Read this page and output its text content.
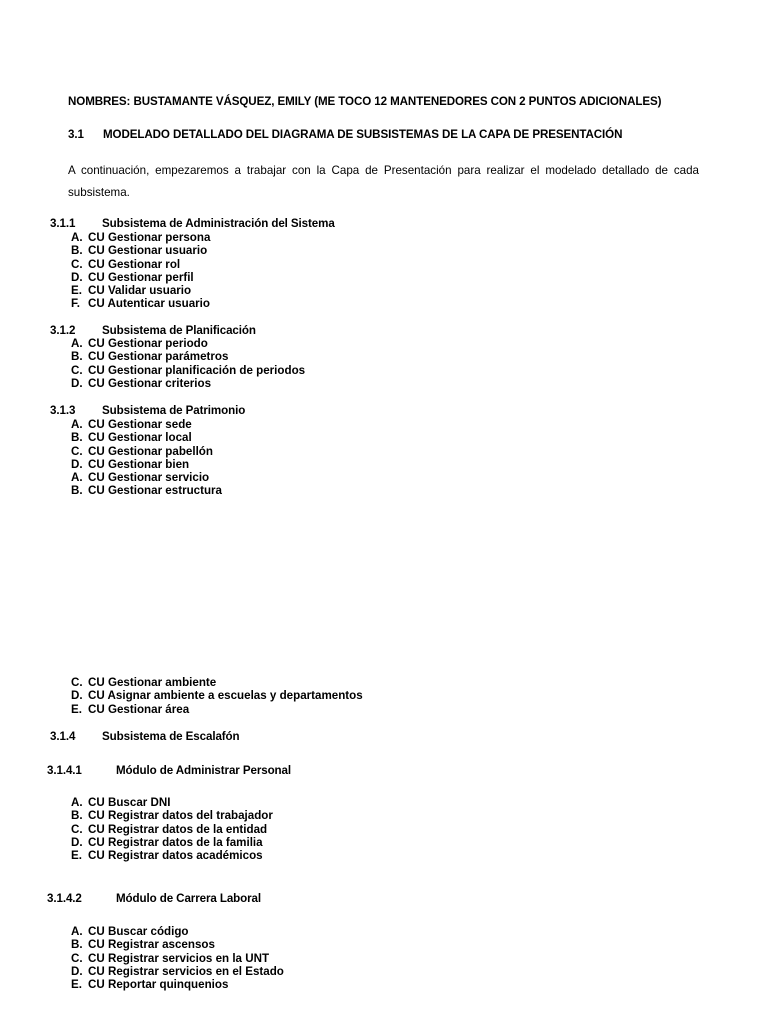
NOMBRES: BUSTAMANTE VÁSQUEZ, EMILY (ME TOCO 12 MANTENEDORES CON 2 PUNTOS ADICIONALES)
3.1 MODELADO DETALLADO DEL DIAGRAMA DE SUBSISTEMAS DE LA CAPA DE PRESENTACIÓN
A continuación, empezaremos a trabajar con la Capa de Presentación para realizar el modelado detallado de cada subsistema.
3.1.1 Subsistema de Administración del Sistema
A. CU Gestionar persona
B. CU Gestionar usuario
C. CU Gestionar rol
D. CU Gestionar perfil
E. CU Validar usuario
F. CU Autenticar usuario
3.1.2 Subsistema de Planificación
A. CU Gestionar periodo
B. CU Gestionar parámetros
C. CU Gestionar planificación de periodos
D. CU Gestionar criterios
3.1.3 Subsistema de Patrimonio
A. CU Gestionar sede
B. CU Gestionar local
C. CU Gestionar pabellón
D. CU Gestionar bien
A. CU Gestionar servicio
B. CU Gestionar estructura
C. CU Gestionar ambiente
D. CU Asignar ambiente a escuelas y departamentos
E. CU Gestionar área
3.1.4 Subsistema de Escalafón
3.1.4.1	Módulo de Administrar Personal
A. CU Buscar DNI
B. CU Registrar datos del trabajador
C. CU Registrar datos de la entidad
D. CU Registrar datos de la familia
E. CU Registrar datos académicos
3.1.4.2	Módulo de Carrera Laboral
A. CU Buscar código
B. CU Registrar ascensos
C. CU Registrar servicios en la UNT
D. CU Registrar servicios en el Estado
E. CU Reportar quinquenios
